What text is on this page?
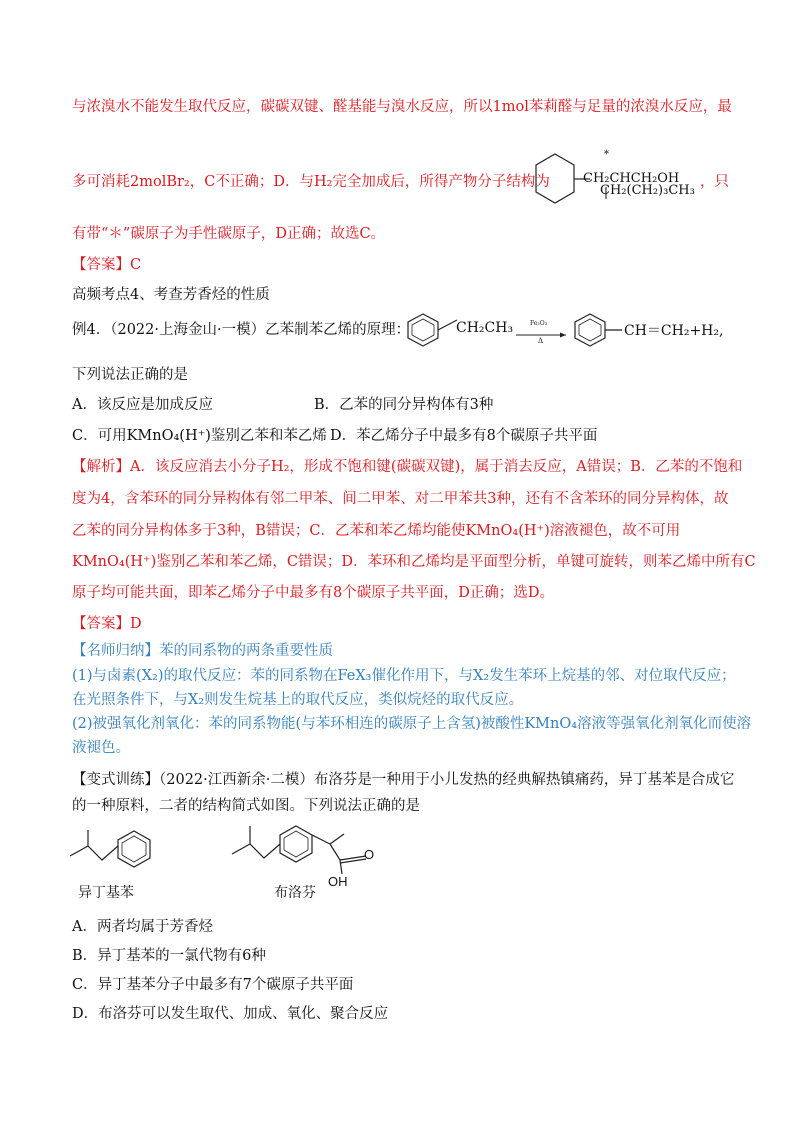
与浓溴水不能发生取代反应，碳碳双键、醛基能与溴水反应，所以1mol苯莉醛与足量的浓溴水反应，最
多可消耗2molBr₂，C不正确；D．与H₂完全加成后，所得产物分子结构为
*
CH₂CHCH₂OH
CH₂(CH₂)₃CH₃
，只
有带“＊”碳原子为手性碳原子，D正确；故选C。
【答案】C
高频考点4、考查芳香烃的性质
例4．（2022·上海金山·一模）乙苯制苯乙烯的原理：	CH₂CH₃	Fe₂O₃
Δ
CH＝CH₂+H₂,
下列说法正确的是
A．该反应是加成反应	B．乙苯的同分异构体有3种
C．可用KMnO₄(H⁺)鉴别乙苯和苯乙烯 D．苯乙烯分子中最多有8个碳原子共平面
【解析】A．该反应消去小分子H₂，形成不饱和键(碳碳双键)，属于消去反应，A错误；B．乙苯的不饱和
度为4，含苯环的同分异构体有邻二甲苯、间二甲苯、对二甲苯共3种，还有不含苯环的同分异构体，故
乙苯的同分异构体多于3种，B错误；C．乙苯和苯乙烯均能使KMnO₄(H⁺)溶液褪色，故不可用
KMnO₄(H⁺)鉴别乙苯和苯乙烯，C错误；D．苯环和乙烯均是平面型分析，单键可旋转，则苯乙烯中所有C
原子均可能共面，即苯乙烯分子中最多有8个碳原子共平面，D正确；选D。
【答案】D
【名师归纳】苯的同系物的两条重要性质
(1)与卤素(X₂)的取代反应：苯的同系物在FeX₃催化作用下，与X₂发生苯环上烷基的邻、对位取代反应；
在光照条件下，与X₂则发生烷基上的取代反应，类似烷烃的取代反应。
(2)被强氧化剂氧化：苯的同系物能(与苯环相连的碳原子上含氢)被酸性KMnO₄溶液等强氧化剂氧化而使溶
液褪色。
【变式训练】（2022·江西新余·二模）布洛芬是一种用于小儿发热的经典解热镇痛药，异丁基苯是合成它
的一种原料，二者的结构简式如图。下列说法正确的是
异丁基苯
O
OH
布洛芬
A．两者均属于芳香烃
B．异丁基苯的一氯代物有6种
C．异丁基苯分子中最多有7个碳原子共平面
D．布洛芬可以发生取代、加成、氧化、聚合反应
